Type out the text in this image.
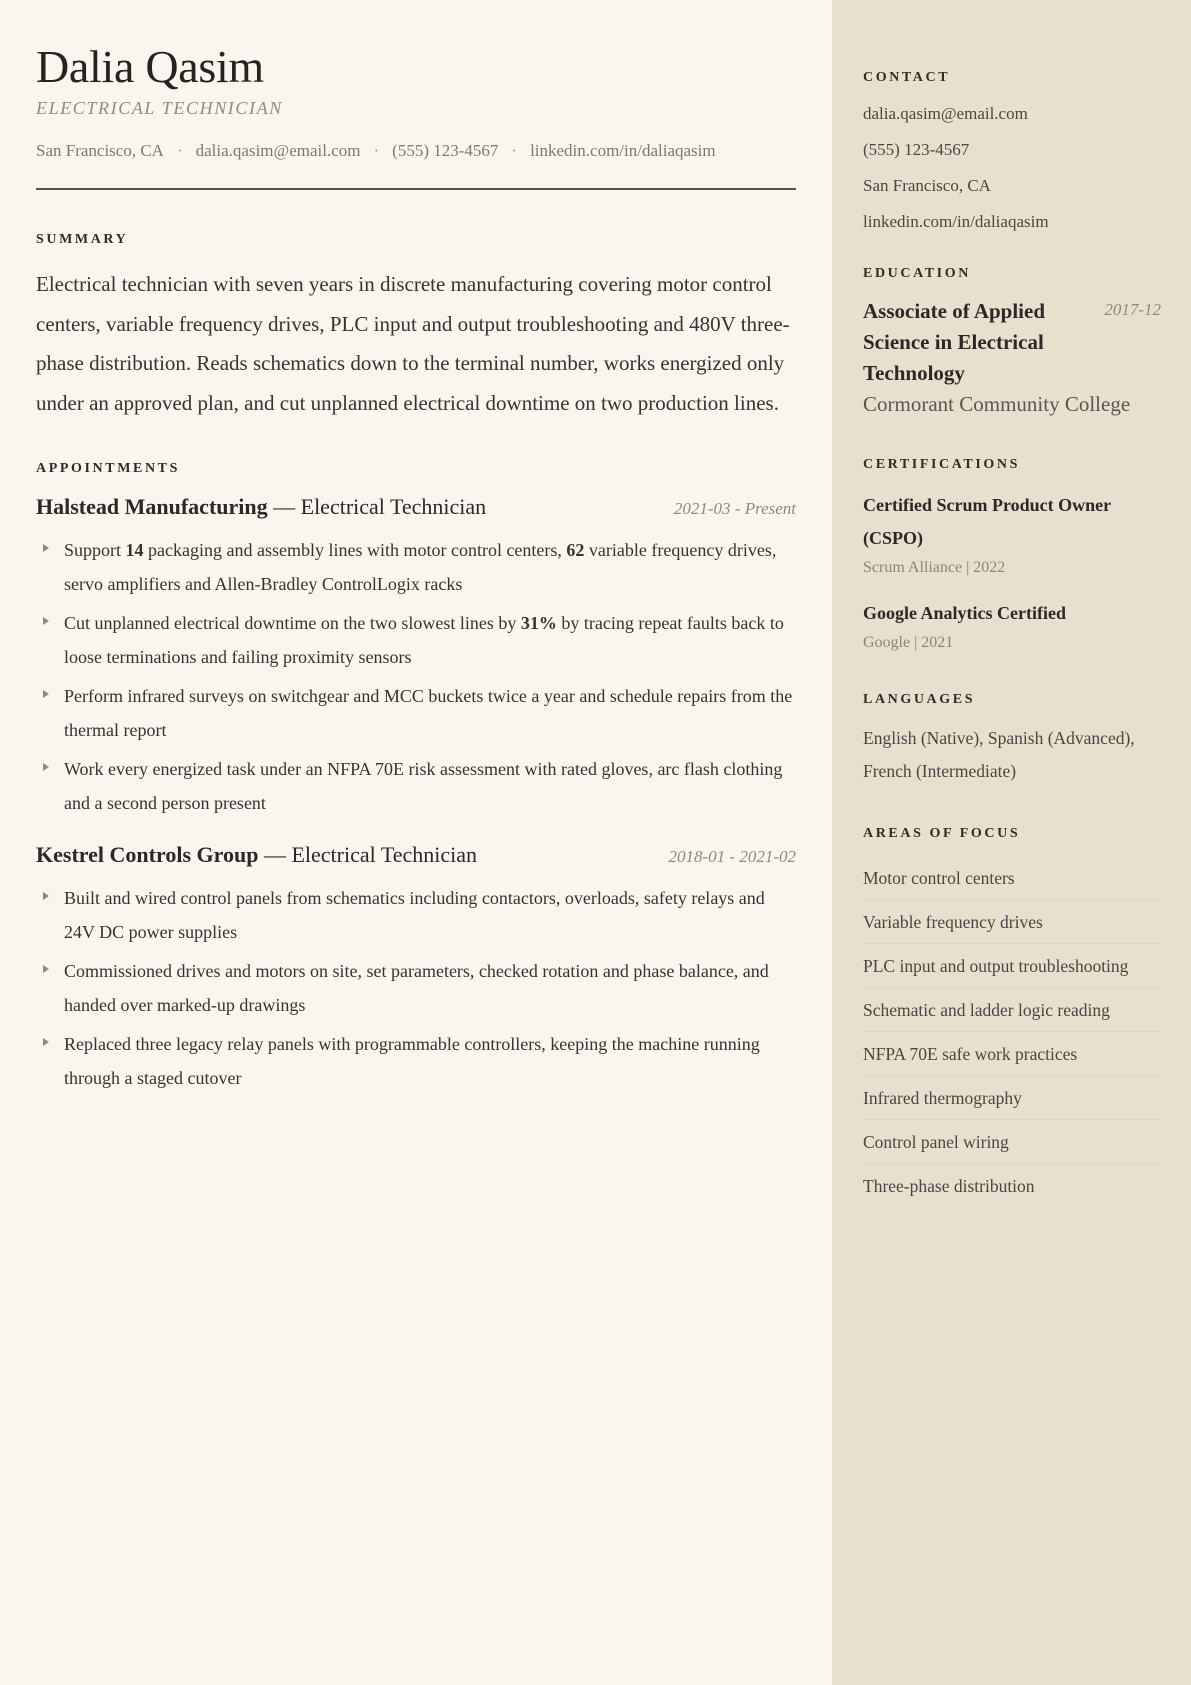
Dalia Qasim
ELECTRICAL TECHNICIAN
San Francisco, CA · dalia.qasim@email.com · (555) 123-4567 · linkedin.com/in/daliaqasim
SUMMARY

Electrical technician with seven years in discrete manufacturing covering motor control centers, variable frequency drives, PLC input and output troubleshooting and 480V three-phase distribution. Reads schematics down to the terminal number, works energized only under an approved plan, and cut unplanned electrical downtime on two production lines.

APPOINTMENTS
Halstead Manufacturing — Electrical Technician	2021-03 - Present
Support 14 packaging and assembly lines with motor control centers, 62 variable frequency drives, servo amplifiers and Allen-Bradley ControlLogix racks
Cut unplanned electrical downtime on the two slowest lines by 31% by tracing repeat faults back to loose terminations and failing proximity sensors
Perform infrared surveys on switchgear and MCC buckets twice a year and schedule repairs from the thermal report
Work every energized task under an NFPA 70E risk assessment with rated gloves, arc flash clothing and a second person present
Kestrel Controls Group — Electrical Technician	2018-01 - 2021-02
Built and wired control panels from schematics including contactors, overloads, safety relays and 24V DC power supplies
Commissioned drives and motors on site, set parameters, checked rotation and phase balance, and handed over marked-up drawings
Replaced three legacy relay panels with programmable controllers, keeping the machine running through a staged cutover
CONTACT
dalia.qasim@email.com
(555) 123-4567
San Francisco, CA
linkedin.com/in/daliaqasim
EDUCATION
Associate of Applied Science in Electrical Technology
2017-12
Cormorant Community College
CERTIFICATIONS
Certified Scrum Product Owner (CSPO)
Scrum Alliance | 2022
Google Analytics Certified
Google | 2021
LANGUAGES
English (Native), Spanish (Advanced), French (Intermediate)
AREAS OF FOCUS
Motor control centers
Variable frequency drives
PLC input and output troubleshooting
Schematic and ladder logic reading
NFPA 70E safe work practices
Infrared thermography
Control panel wiring
Three-phase distribution
